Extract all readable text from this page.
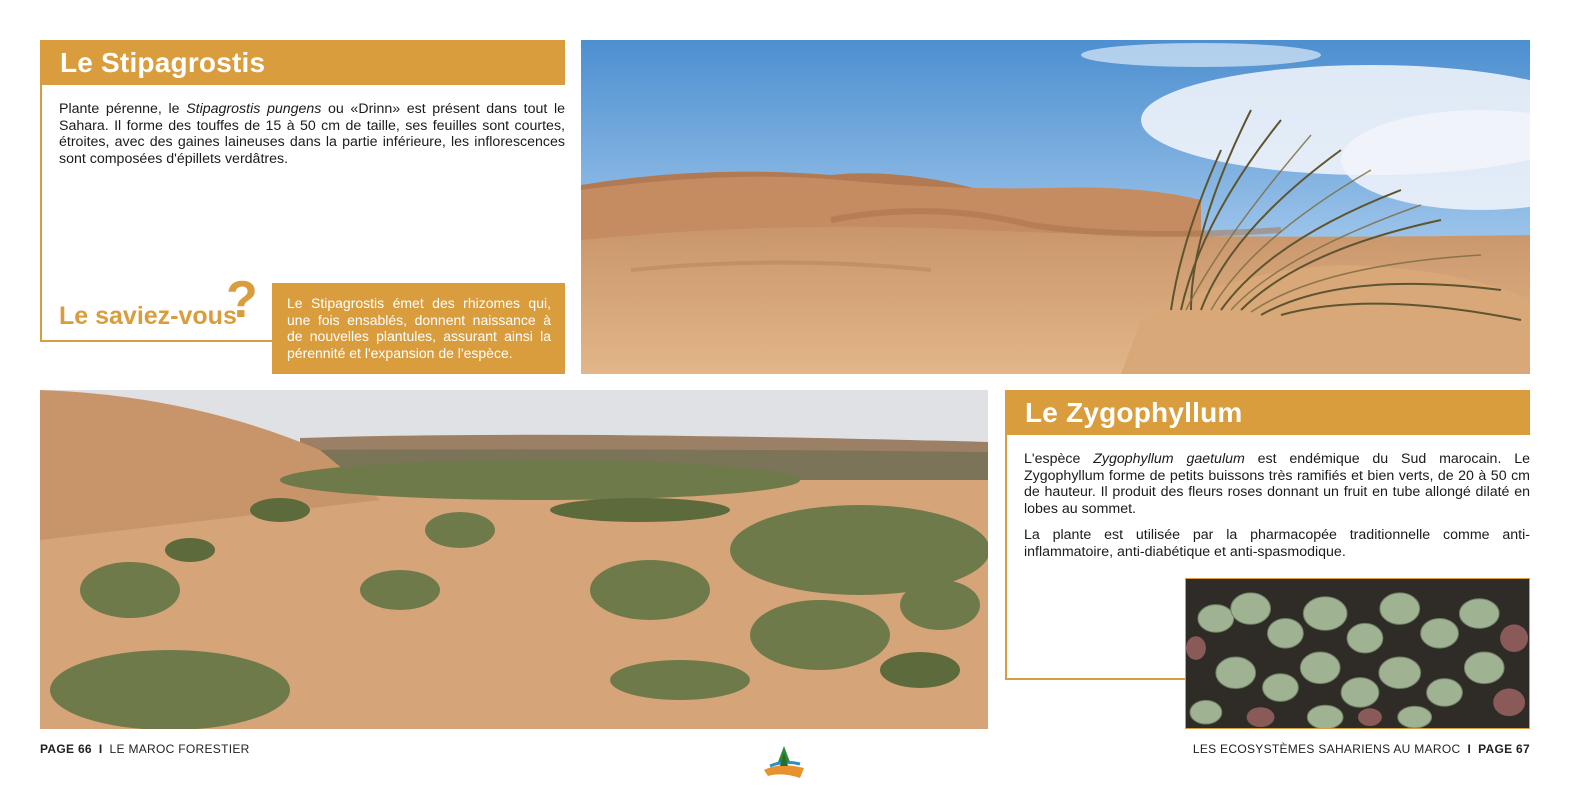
Le Stipagrostis

Plante pérenne, le Stipagrostis pungens ou «Drinn» est présent dans tout le Sahara. Il forme des touffes de 15 à 50 cm de taille, ses feuilles sont courtes, étroites, avec des gaines laineuses dans la partie inférieure, les inflorescences sont composées d'épillets verdâtres.

Le saviez-vous
?	Le Stipagrostis émet des rhizomes qui, une fois ensablés, donnent naissance à de nouvelles plantules, assurant ainsi la pérennité et l'expansion de l'espèce.
Le Zygophyllum

L'espèce Zygophyllum gaetulum est endémique du Sud marocain. Le Zygophyllum forme de petits buissons très ramifiés et bien verts, de 20 à 50 cm de hauteur. Il produit des fleurs roses donnant un fruit en tube allongé dilaté en lobes au sommet.

La plante est utilisée par la pharmacopée traditionnelle comme anti-inflammatoire, anti-diabétique et anti-spasmodique.

PAGE 66 I LE MAROC FORESTIER	LES ECOSYSTÈMES SAHARIENS AU MAROC I PAGE 67
